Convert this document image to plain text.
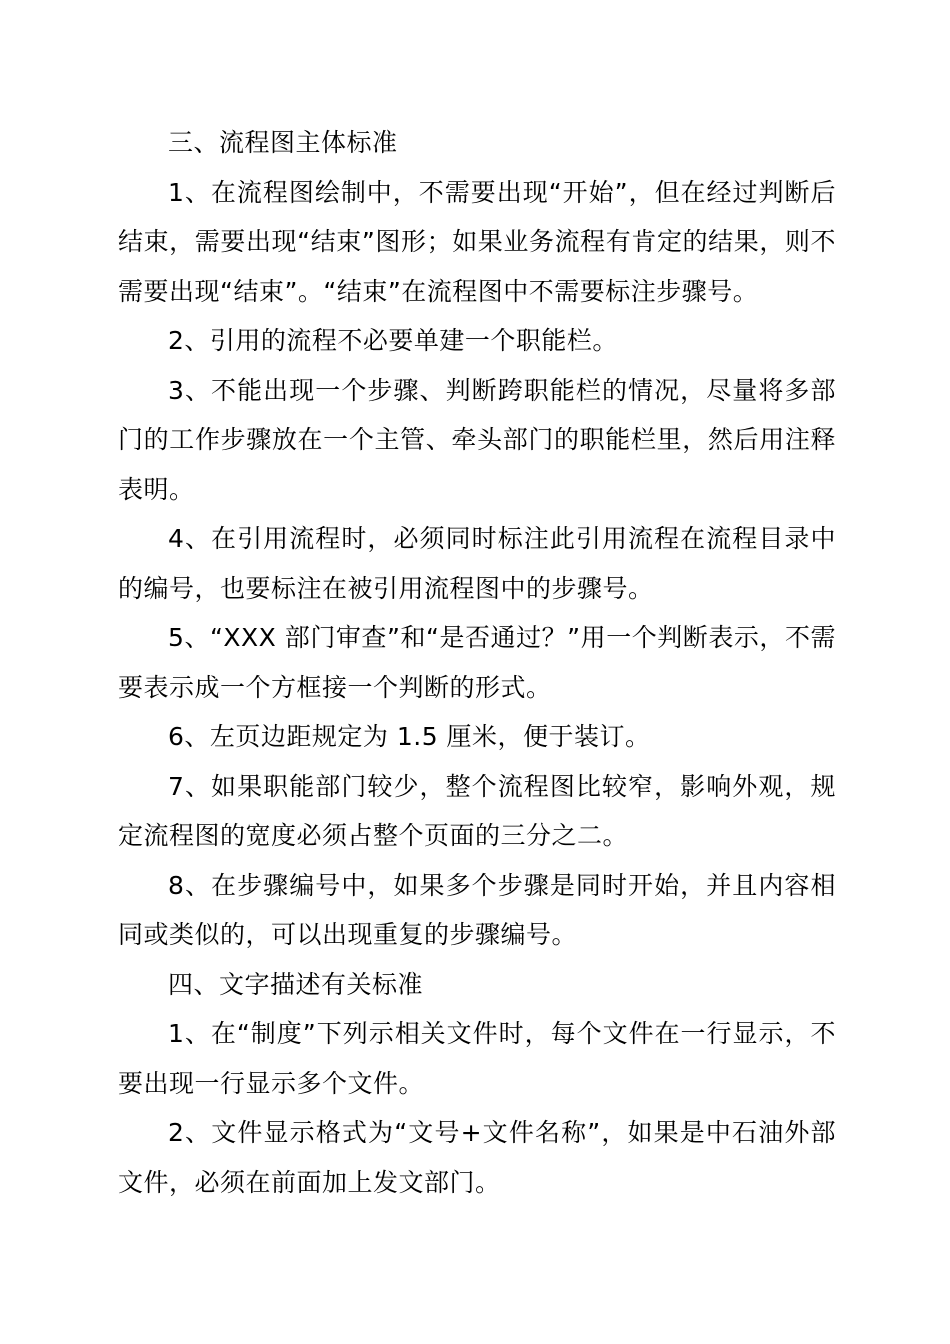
三、流程图主体标准

1、在流程图绘制中，不需要出现“开始”，但在经过判断后结束，需要出现“结束”图形；如果业务流程有肯定的结果，则不需要出现“结束”。“结束”在流程图中不需要标注步骤号。

2、引用的流程不必要单建一个职能栏。

3、不能出现一个步骤、判断跨职能栏的情况，尽量将多部门的工作步骤放在一个主管、牵头部门的职能栏里，然后用注释表明。

4、在引用流程时，必须同时标注此引用流程在流程目录中的编号，也要标注在被引用流程图中的步骤号。

5、“XXX 部门审查”和“是否通过？”用一个判断表示，不需要表示成一个方框接一个判断的形式。

6、左页边距规定为 1.5 厘米，便于装订。

7、如果职能部门较少，整个流程图比较窄，影响外观，规定流程图的宽度必须占整个页面的三分之二。

8、在步骤编号中，如果多个步骤是同时开始，并且内容相同或类似的，可以出现重复的步骤编号。

四、文字描述有关标准

1、在“制度”下列示相关文件时，每个文件在一行显示，不要出现一行显示多个文件。

2、文件显示格式为“文号+文件名称”，如果是中石油外部文件，必须在前面加上发文部门。
